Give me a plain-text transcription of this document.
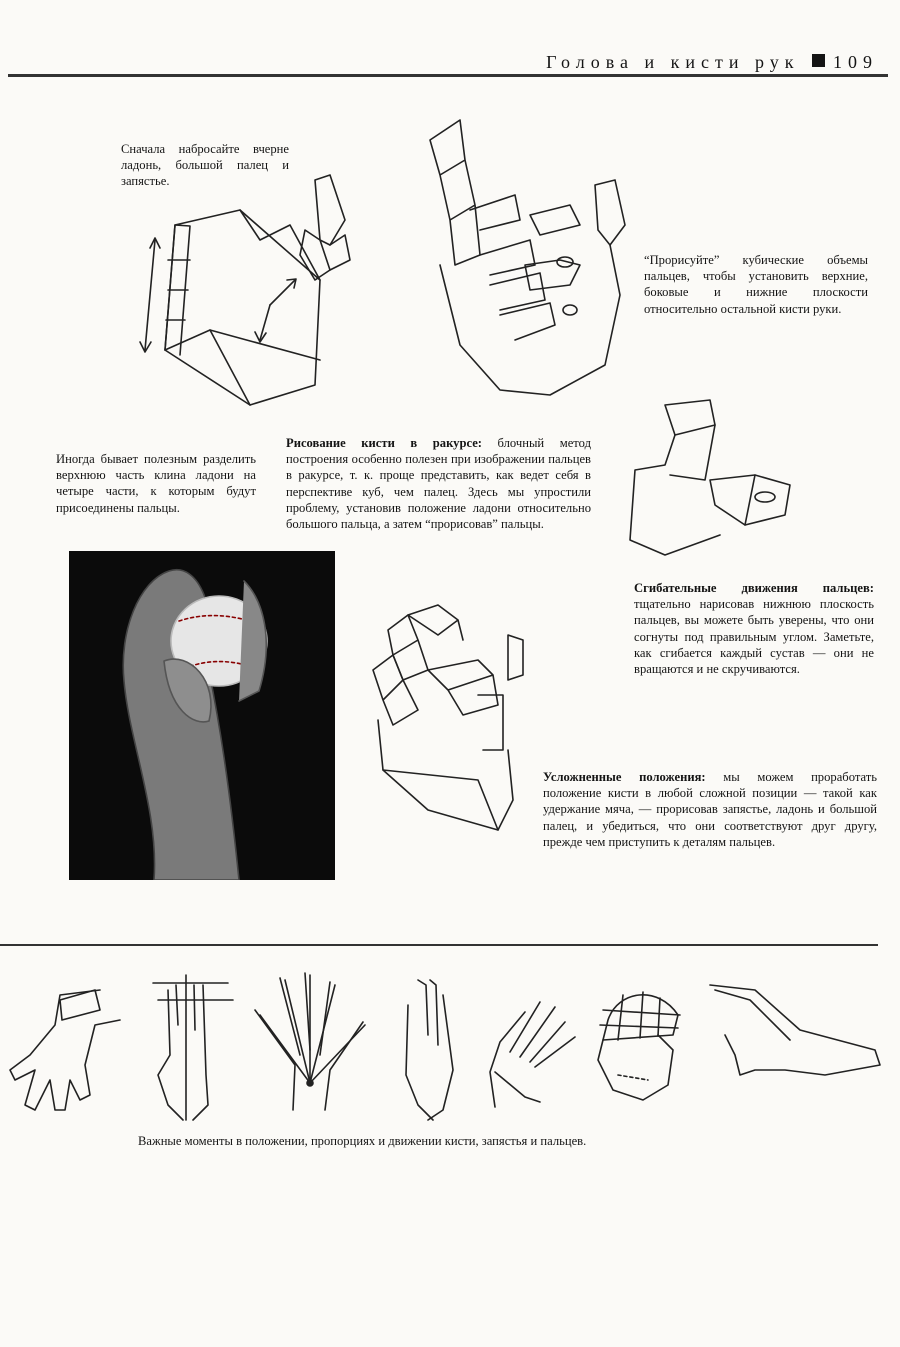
Голова и кисти рук 109
Сначала набросайте вчерне ладонь, большой палец и запястье.
“Прорисуйте” кубические объемы пальцев, чтобы установить верхние, боковые и нижние плоскости относительно остальной кисти руки.
Иногда бывает полезным разделить верхнюю часть клина ладони на четыре части, к которым будут присоединены пальцы.
Рисование кисти в ракурсе: блочный метод построения особенно полезен при изображении пальцев в ракурсе, т. к. проще представить, как ведет себя в перспективе куб, чем палец. Здесь мы упростили проблему, установив положение ладони относительно большого пальца, а затем “прорисовав” пальцы.
Сгибательные движения пальцев: тщательно нарисовав нижнюю плоскость пальцев, вы можете быть уверены, что они согнуты под правильным углом. Заметьте, как сгибается каждый сустав — они не вращаются и не скручиваются.
Усложненные положения: мы можем проработать положение кисти в любой сложной позиции — такой как удержание мяча, — прорисовав запястье, ладонь и большой палец, и убедиться, что они соответствуют друг другу, прежде чем приступить к деталям пальцев.
Важные моменты в положении, пропорциях и движении кисти, запястья и пальцев.
